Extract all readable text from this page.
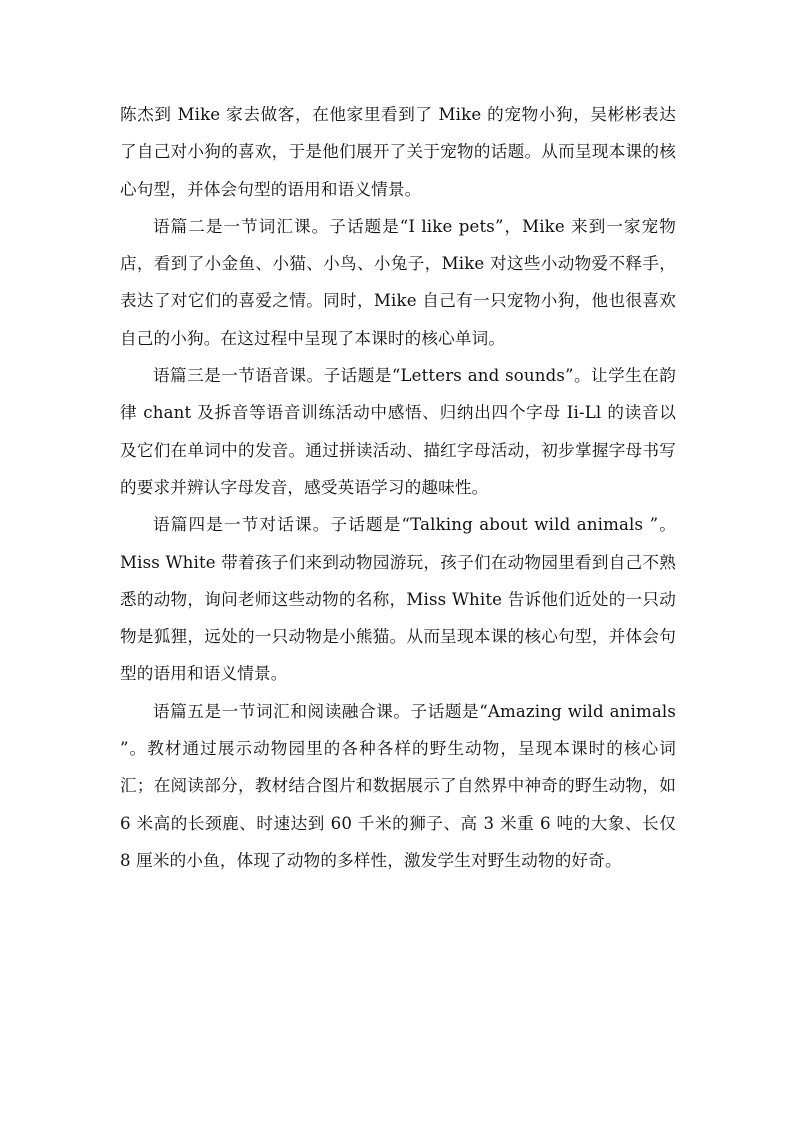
陈杰到 Mike 家去做客，在他家里看到了 Mike 的宠物小狗，吴彬彬表达了自己对小狗的喜欢，于是他们展开了关于宠物的话题。从而呈现本课的核心句型，并体会句型的语用和语义情景。

语篇二是一节词汇课。子话题是“I like pets”，Mike 来到一家宠物店，看到了小金鱼、小猫、小鸟、小兔子，Mike 对这些小动物爱不释手，表达了对它们的喜爱之情。同时，Mike 自己有一只宠物小狗，他也很喜欢自己的小狗。在这过程中呈现了本课时的核心单词。

语篇三是一节语音课。子话题是“Letters and sounds”。让学生在韵律 chant 及拆音等语音训练活动中感悟、归纳出四个字母 Ii-Ll 的读音以及它们在单词中的发音。通过拼读活动、描红字母活动，初步掌握字母书写的要求并辨认字母发音，感受英语学习的趣味性。

语篇四是一节对话课。子话题是“Talking about wild animals ”。Miss White 带着孩子们来到动物园游玩，孩子们在动物园里看到自己不熟悉的动物，询问老师这些动物的名称，Miss White 告诉他们近处的一只动物是狐狸，远处的一只动物是小熊猫。从而呈现本课的核心句型，并体会句型的语用和语义情景。

语篇五是一节词汇和阅读融合课。子话题是“Amazing wild animals ”。教材通过展示动物园里的各种各样的野生动物，呈现本课时的核心词汇；在阅读部分，教材结合图片和数据展示了自然界中神奇的野生动物，如 6 米高的长颈鹿、时速达到 60 千米的狮子、高 3 米重 6 吨的大象、长仅 8 厘米的小鱼，体现了动物的多样性，激发学生对野生动物的好奇。
